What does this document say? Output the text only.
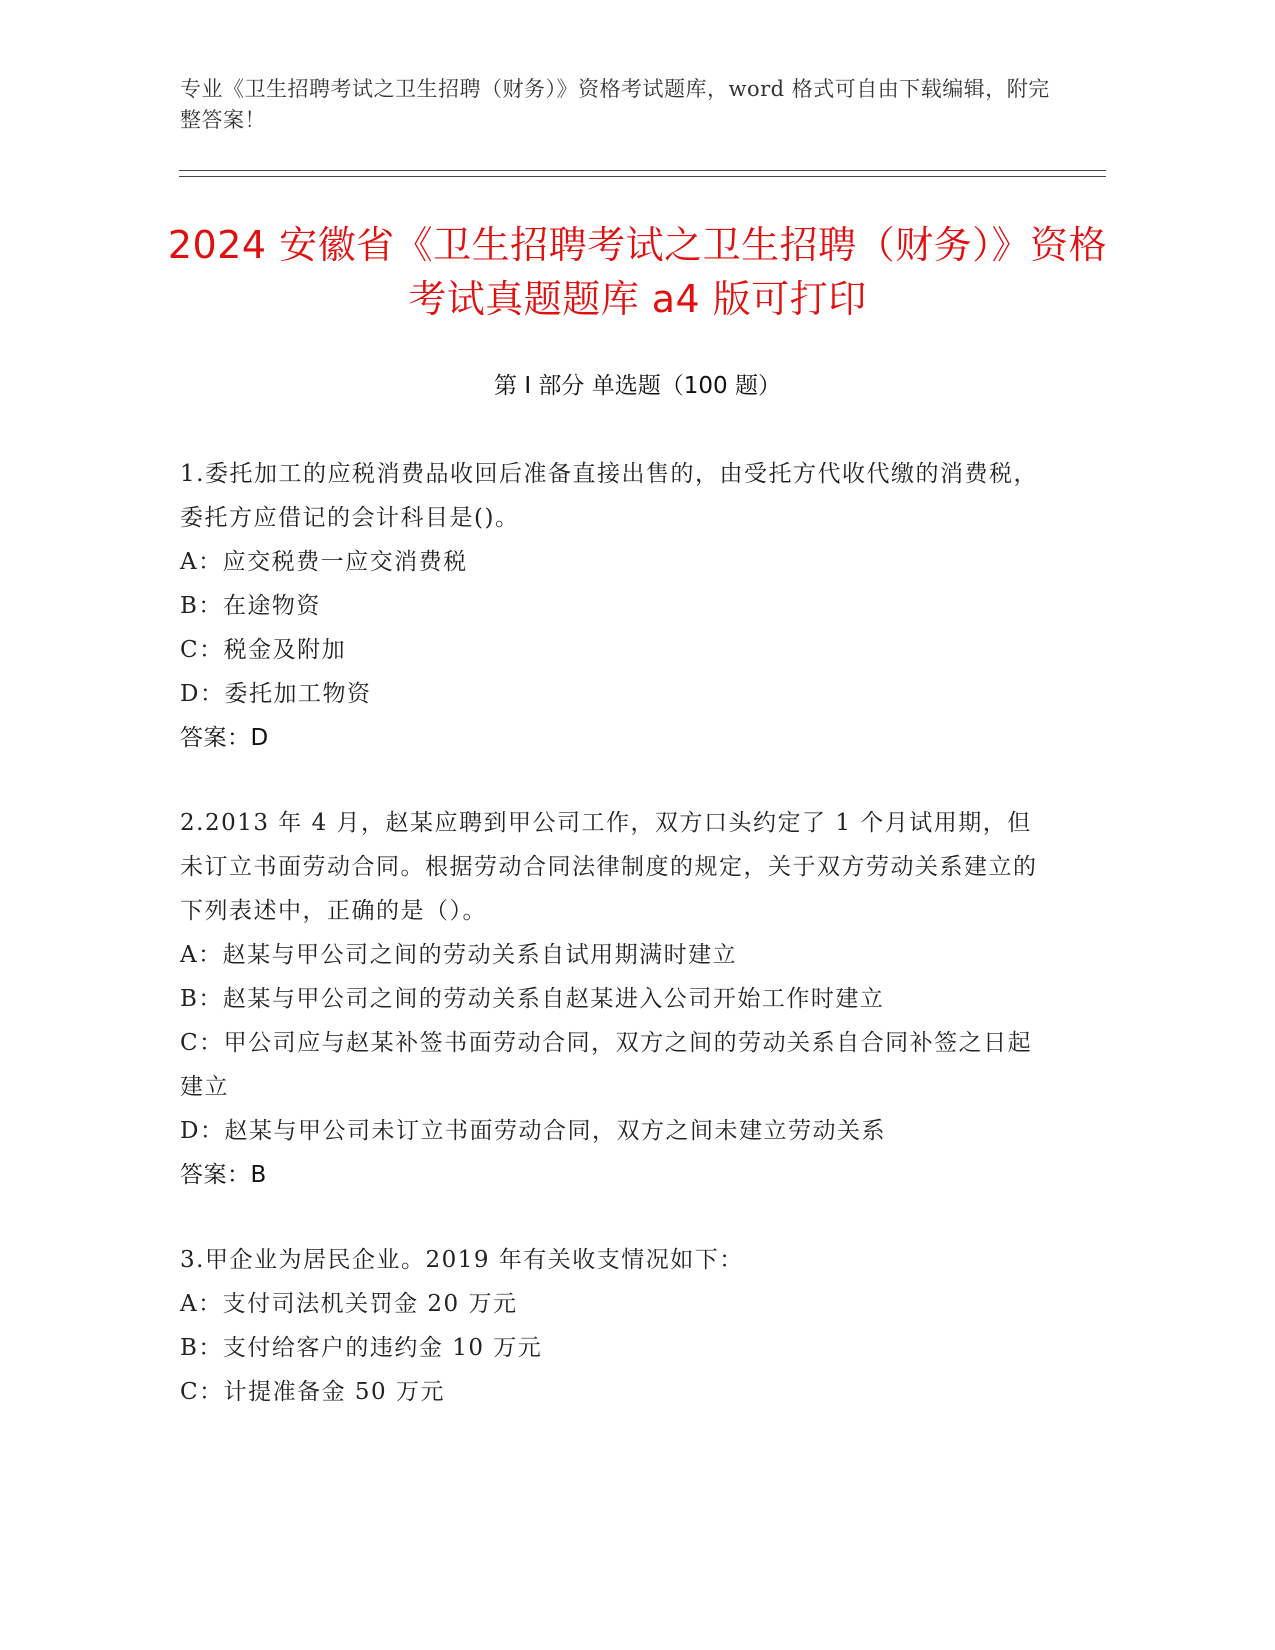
专业《卫生招聘考试之卫生招聘（财务）》资格考试题库，word 格式可自由下载编辑，附完整答案！
2024 安徽省《卫生招聘考试之卫生招聘（财务）》资格考试真题题库 a4 版可打印
第 I 部分 单选题（100 题）
1.委托加工的应税消费品收回后准备直接出售的，由受托方代收代缴的消费税，委托方应借记的会计科目是()。
A：应交税费一应交消费税
B：在途物资
C：税金及附加
D：委托加工物资
答案：D
2.2013 年 4 月，赵某应聘到甲公司工作，双方口头约定了 1 个月试用期，但未订立书面劳动合同。根据劳动合同法律制度的规定，关于双方劳动关系建立的下列表述中，正确的是（）。
A：赵某与甲公司之间的劳动关系自试用期满时建立
B：赵某与甲公司之间的劳动关系自赵某进入公司开始工作时建立
C：甲公司应与赵某补签书面劳动合同，双方之间的劳动关系自合同补签之日起建立
D：赵某与甲公司未订立书面劳动合同，双方之间未建立劳动关系
答案：B
3.甲企业为居民企业。2019 年有关收支情况如下：
A：支付司法机关罚金 20 万元
B：支付给客户的违约金 10 万元
C：计提准备金 50 万元
